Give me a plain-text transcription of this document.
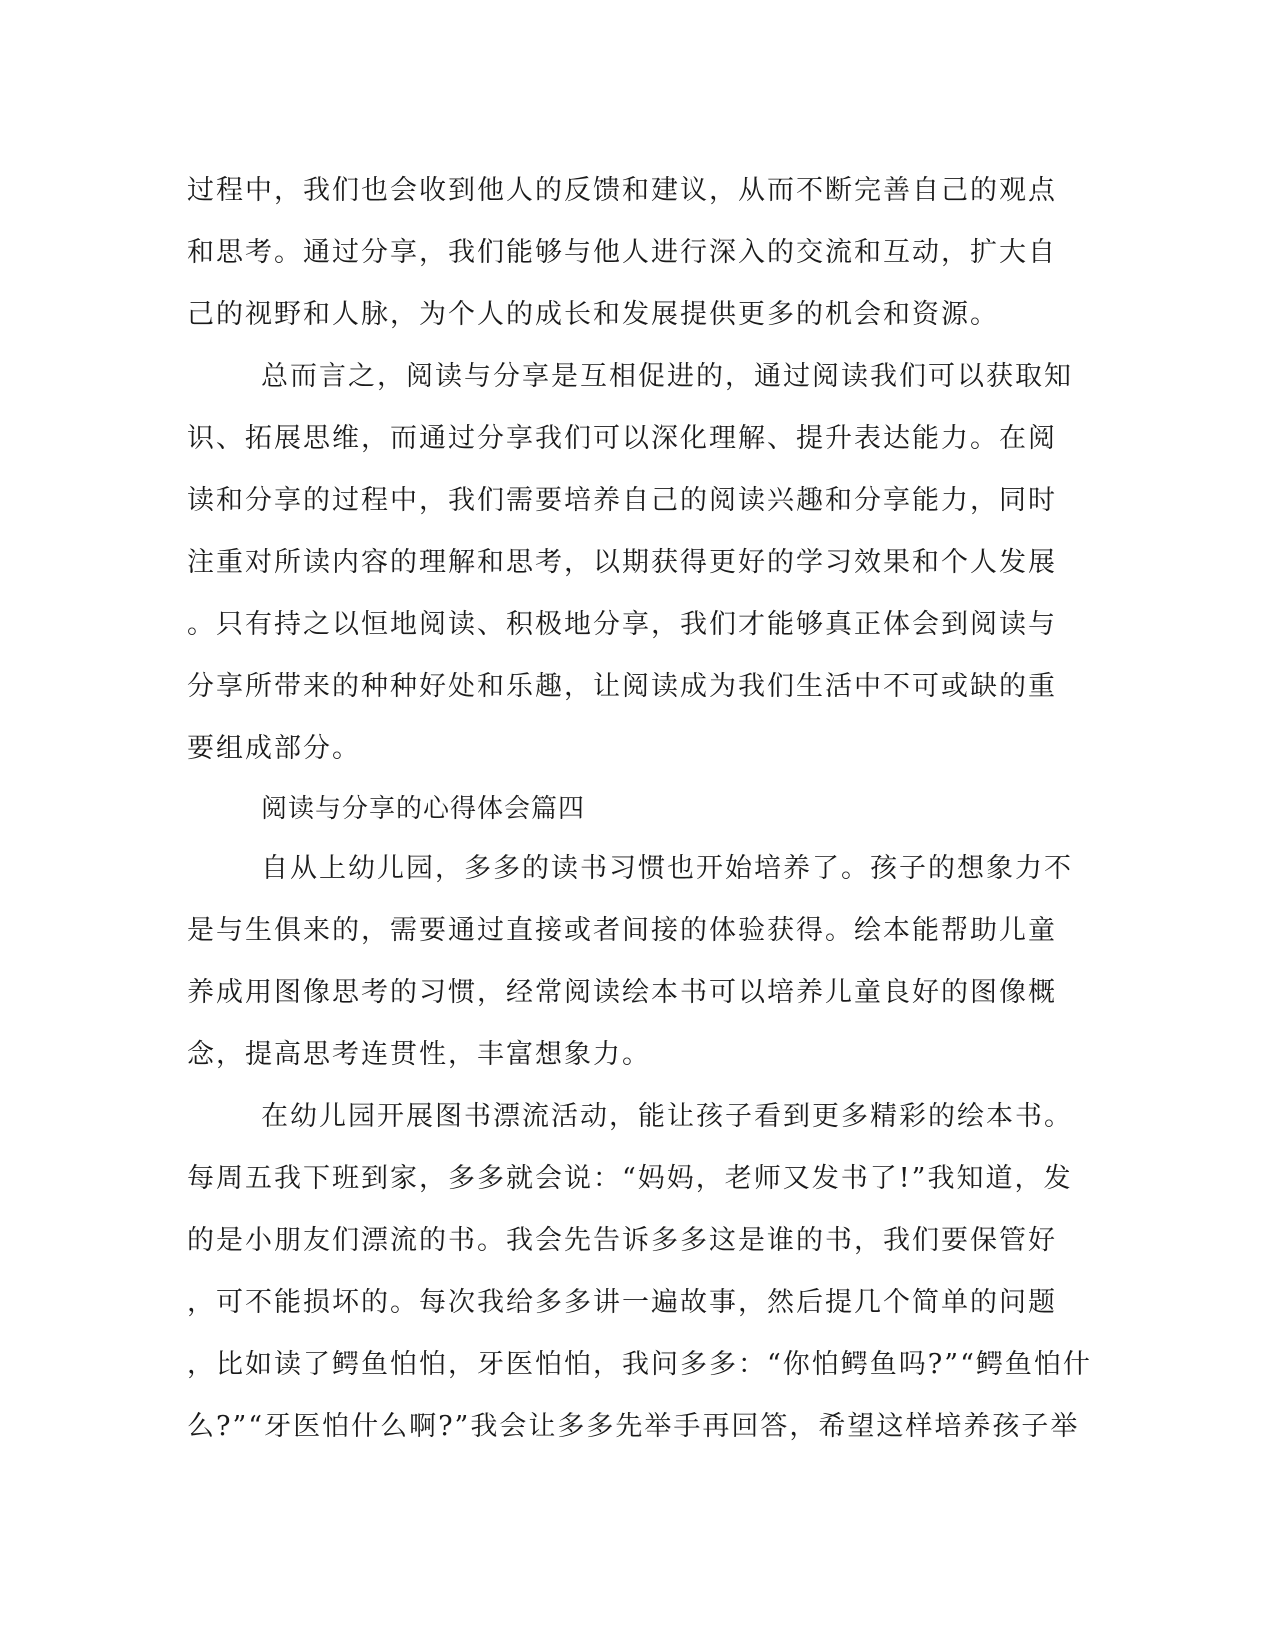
过程中，我们也会收到他人的反馈和建议，从而不断完善自己的观点
和思考。通过分享，我们能够与他人进行深入的交流和互动，扩大自
己的视野和人脉，为个人的成长和发展提供更多的机会和资源。
总而言之，阅读与分享是互相促进的，通过阅读我们可以获取知
识、拓展思维，而通过分享我们可以深化理解、提升表达能力。在阅
读和分享的过程中，我们需要培养自己的阅读兴趣和分享能力，同时
注重对所读内容的理解和思考，以期获得更好的学习效果和个人发展
。只有持之以恒地阅读、积极地分享，我们才能够真正体会到阅读与
分享所带来的种种好处和乐趣，让阅读成为我们生活中不可或缺的重
要组成部分。
阅读与分享的心得体会篇四
自从上幼儿园，多多的读书习惯也开始培养了。孩子的想象力不
是与生俱来的，需要通过直接或者间接的体验获得。绘本能帮助儿童
养成用图像思考的习惯，经常阅读绘本书可以培养儿童良好的图像概
念，提高思考连贯性，丰富想象力。
在幼儿园开展图书漂流活动，能让孩子看到更多精彩的绘本书。
每周五我下班到家，多多就会说：“妈妈，老师又发书了!”我知道，发
的是小朋友们漂流的书。我会先告诉多多这是谁的书，我们要保管好
，可不能损坏的。每次我给多多讲一遍故事，然后提几个简单的问题
，比如读了鳄鱼怕怕，牙医怕怕，我问多多：“你怕鳄鱼吗?”“鳄鱼怕什
么?”“牙医怕什么啊?”我会让多多先举手再回答，希望这样培养孩子举
